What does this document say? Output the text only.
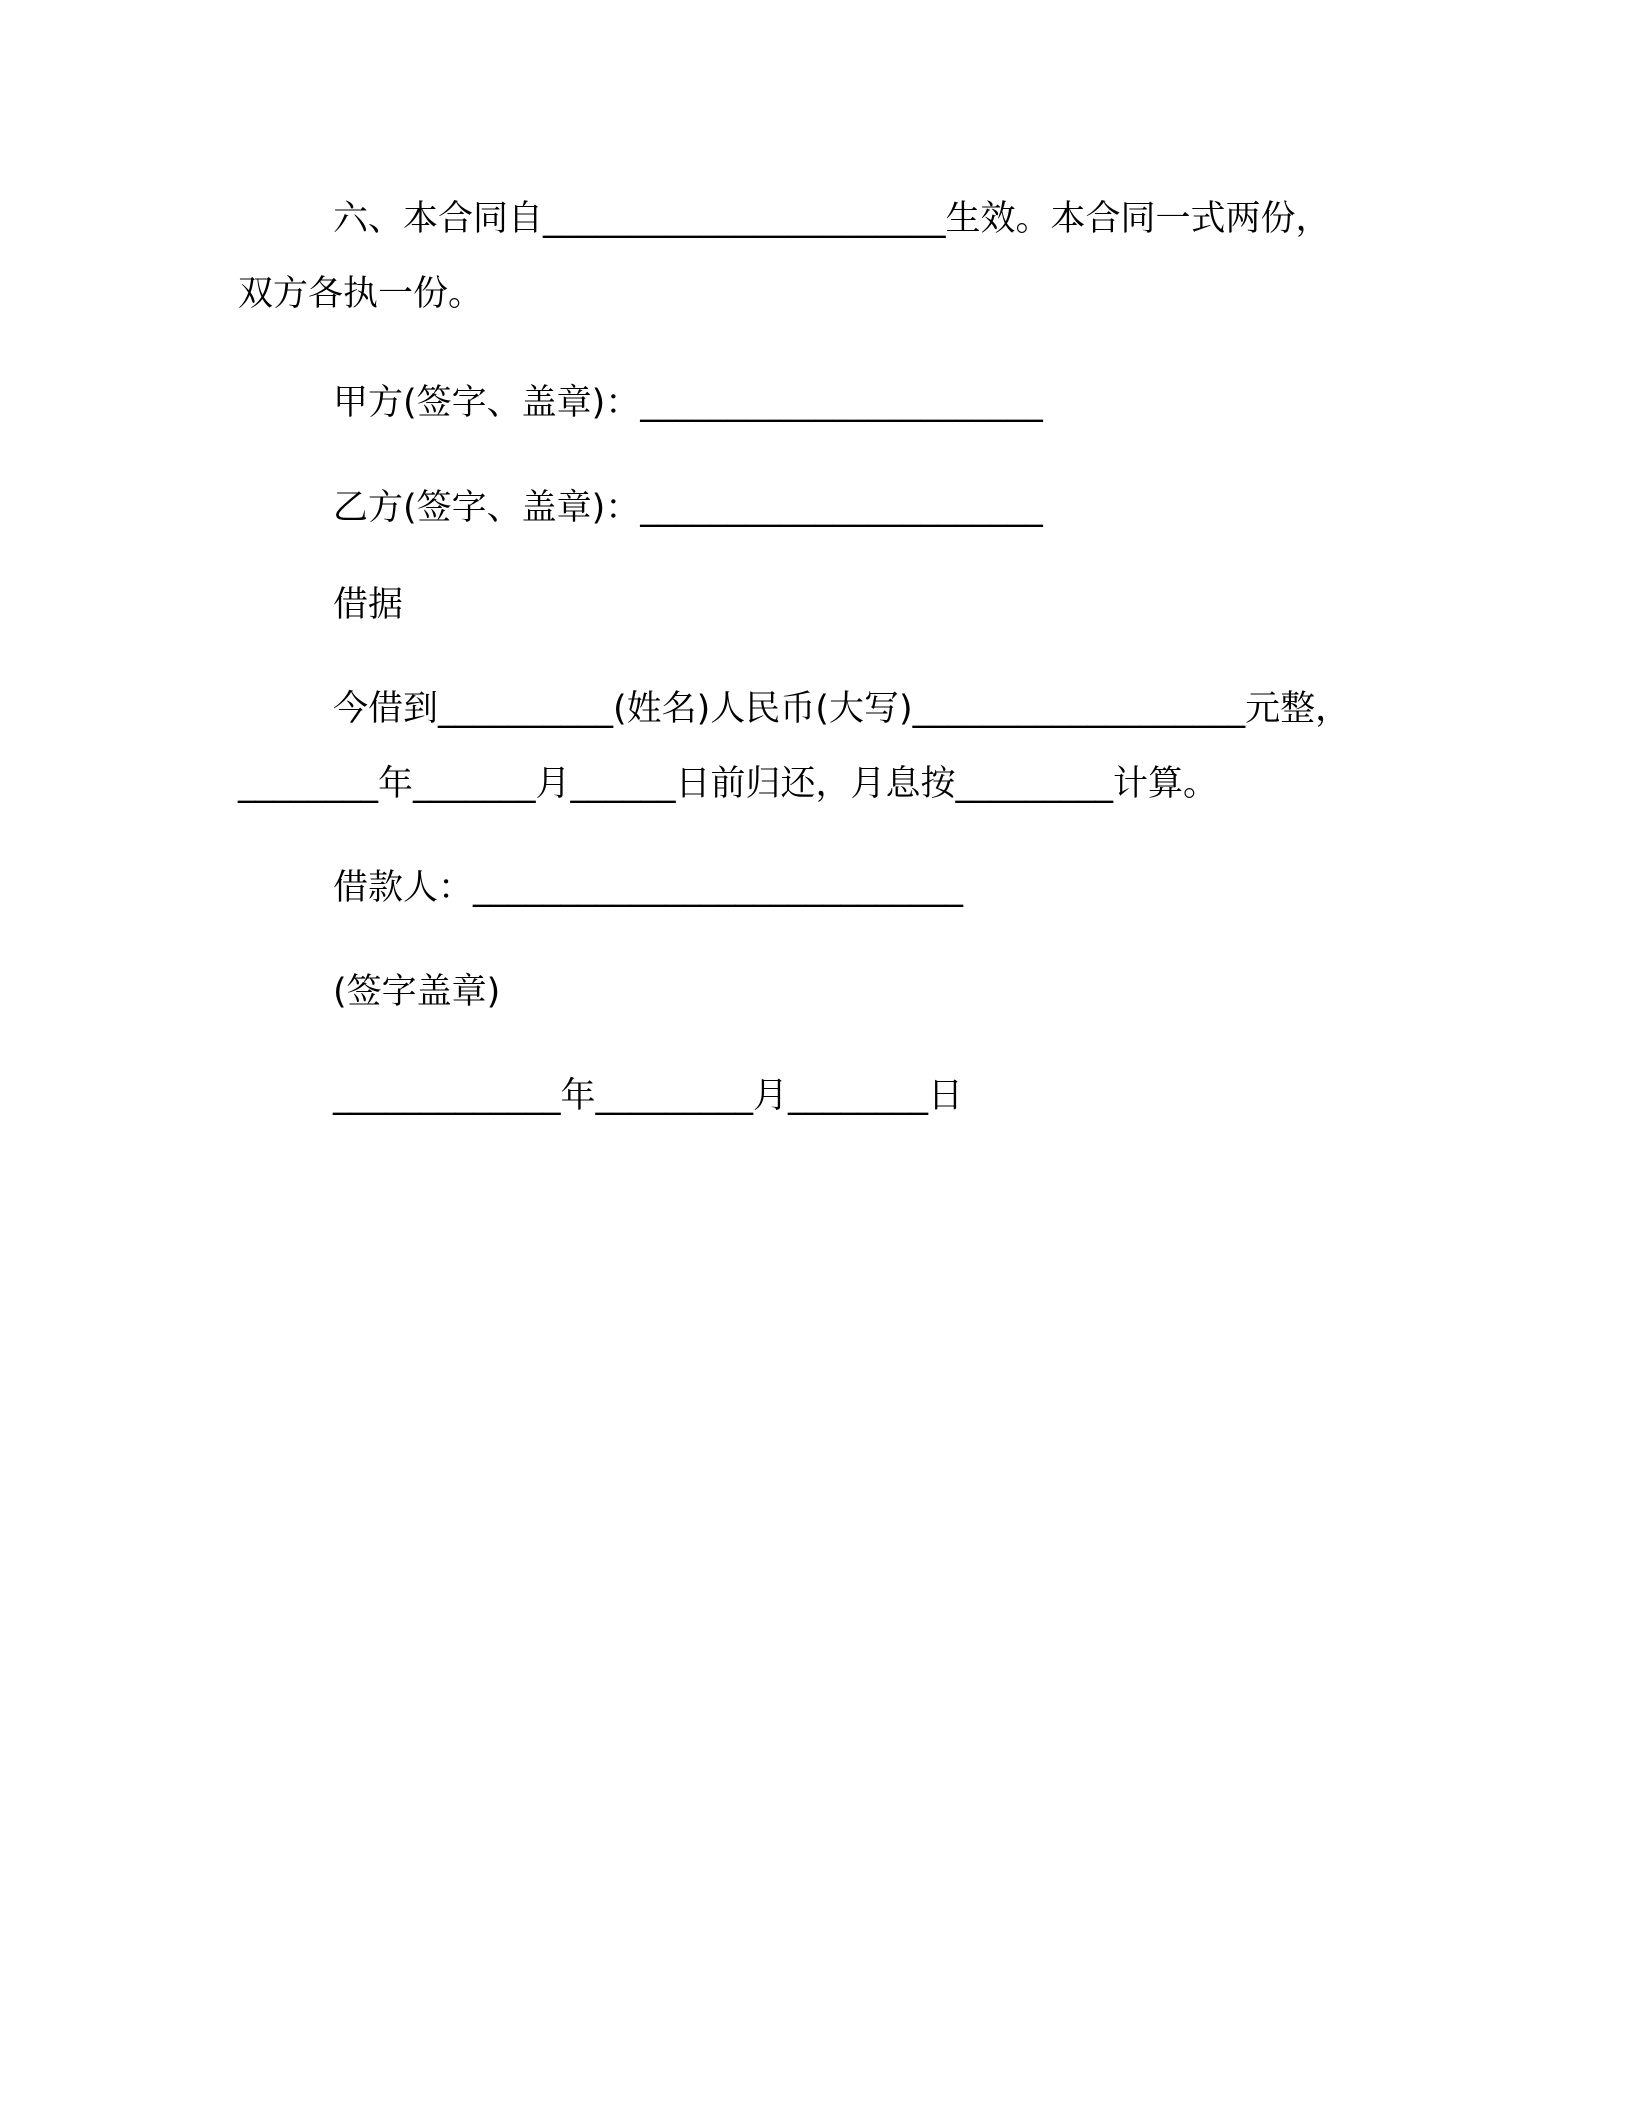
六、本合同自_______________________生效。本合同一式两份，
双方各执一份。
甲方(签字、盖章)：_______________________
乙方(签字、盖章)：_______________________
借据
今借到__________(姓名)人民币(大写)___________________元整，
________年_______月______日前归还，月息按_________计算。
借款人：____________________________
(签字盖章)
_____________年_________月________日
